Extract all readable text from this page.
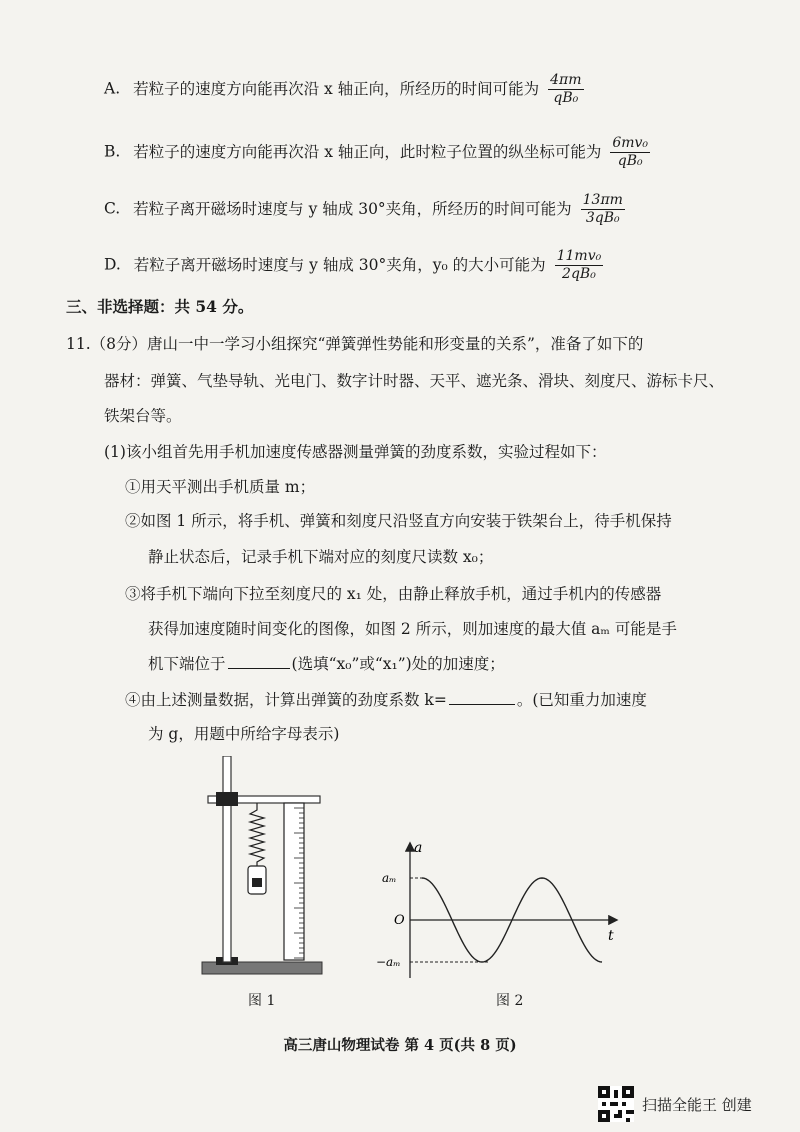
A. 若粒子的速度方向能再次沿 x 轴正向，所经历的时间可能为 $\frac{4\pi m}{\text{qB₀}}$
B. 若粒子的速度方向能再次沿 x 轴正向，此时粒子位置的纵坐标可能为 $\frac{\text{6mv₀}}{\text{qB₀}}$
C. 若粒子离开磁场时速度与 y 轴成 30°夹角，所经历的时间可能为 $\frac{13\pi m}{\text{3qB₀}}$
D. 若粒子离开磁场时速度与 y 轴成 30°夹角，y₀ 的大小可能为 $\frac{\text{11mv₀}}{\text{2qB₀}}$
三、非选择题：共 54 分。
11.（8分）唐山一中一学习小组探究“弹簧弹性势能和形变量的关系”，准备了如下的
器材：弹簧、气垫导轨、光电门、数字计时器、天平、遮光条、滑块、刻度尺、游标卡尺、
铁架台等。
(1)该小组首先用手机加速度传感器测量弹簧的劲度系数，实验过程如下：
①用天平测出手机质量 m；
②如图 1 所示，将手机、弹簧和刻度尺沿竖直方向安装于铁架台上，待手机保持
静止状态后，记录手机下端对应的刻度尺读数 x₀；
③将手机下端向下拉至刻度尺的 x₁ 处，由静止释放手机，通过手机内的传感器
获得加速度随时间变化的图像，如图 2 所示，则加速度的最大值 aₘ 可能是手
机下端位于	(选填“x₀”或“x₁”)处的加速度；
④由上述测量数据，计算出弹簧的劲度系数 k=	。(已知重力加速度
为 g，用题中所给字母表示)
图 1
a
t
O
aₘ
−aₘ
图 2
高三唐山物理试卷 第 4 页(共 8 页)
扫描全能王 创建
